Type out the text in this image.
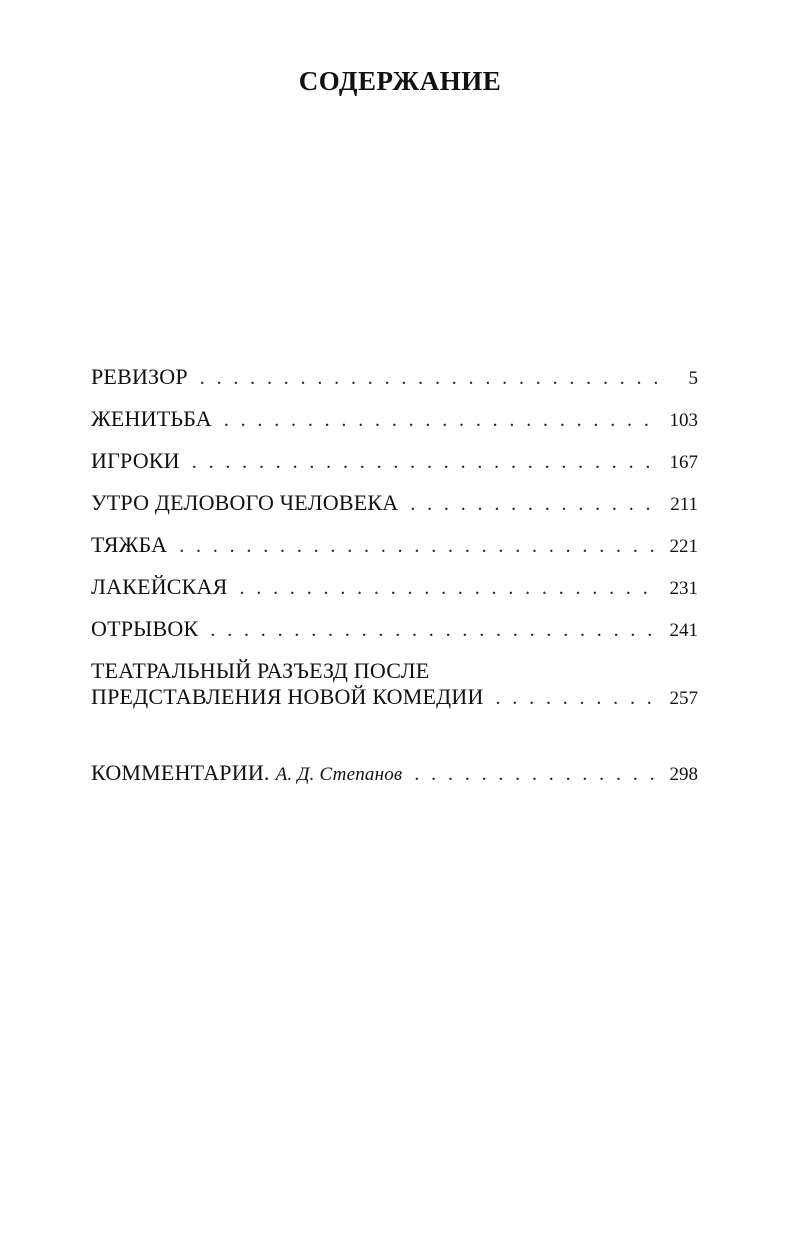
СОДЕРЖАНИЕ
РЕВИЗОР . . .	5
ЖЕНИТЬБА . . .	103
ИГРОКИ . . .	167
УТРО ДЕЛОВОГО ЧЕЛОВЕКА . . .	211
ТЯЖБА . . .	221
ЛАКЕЙСКАЯ . . .	231
ОТРЫВОК . . .	241
ТЕАТРАЛЬНЫЙ РАЗЪЕЗД ПОСЛЕ
ПРЕДСТАВЛЕНИЯ НОВОЙ КОМЕДИИ . . .	257
КОММЕНТАРИИ. А. Д. Степанов . . .	298
